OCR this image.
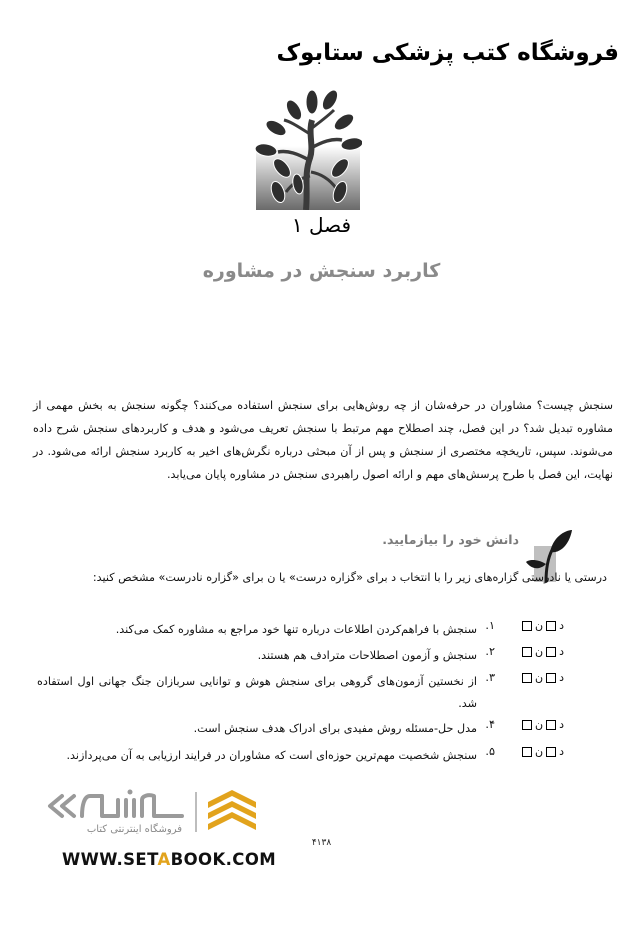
فروشگاه کتب پزشکی ستابوک
فصل ۱
کاربرد سنجش در مشاوره
سنجش چیست؟ مشاوران در حرفه‌شان از چه روش‌هایی برای سنجش استفاده می‌کنند؟ چگونه سنجش به بخش مهمی از مشاوره تبدیل شد؟ در این فصل، چند اصطلاح مهم مرتبط با سنجش تعریف می‌شود و هدف و کاربردهای سنجش شرح داده می‌شوند. سپس، تاریخچه مختصری از سنجش و پس از آن مبحثی درباره نگرش‌های اخیر به کاربرد سنجش ارائه می‌شود. در نهایت، این فصل با طرح پرسش‌های مهم و ارائه اصول راهبردی سنجش در مشاوره پایان می‌یابد.
دانش خود را بیازمایید.
درستی یا نادرستی گزاره‌های زیر را با انتخاب د برای «گزاره درست» یا ن برای «گزاره نادرست» مشخص کنید:
د
ن
۱.
سنجش با فراهم‌کردن اطلاعات درباره تنها خود مراجع به مشاوره کمک می‌کند.
د
ن
۲.
سنجش و آزمون اصطلاحات مترادف هم هستند.
د
ن
۳.
از نخستین آزمون‌های گروهی برای سنجش هوش و توانایی سربازان جنگ جهانی اول استفاده شد.
د
ن
۴.
مدل حل-مسئله روش مفیدی برای ادراک هدف سنجش است.
د
ن
۵.
سنجش شخصیت مهم‌ترین حوزه‌ای است که مشاوران در فرایند ارزیابی به آن می‌پردازند.
فروشگاه اینترنتی کتاب
WWW.SETABOOK.COM
۴۱۳۸
